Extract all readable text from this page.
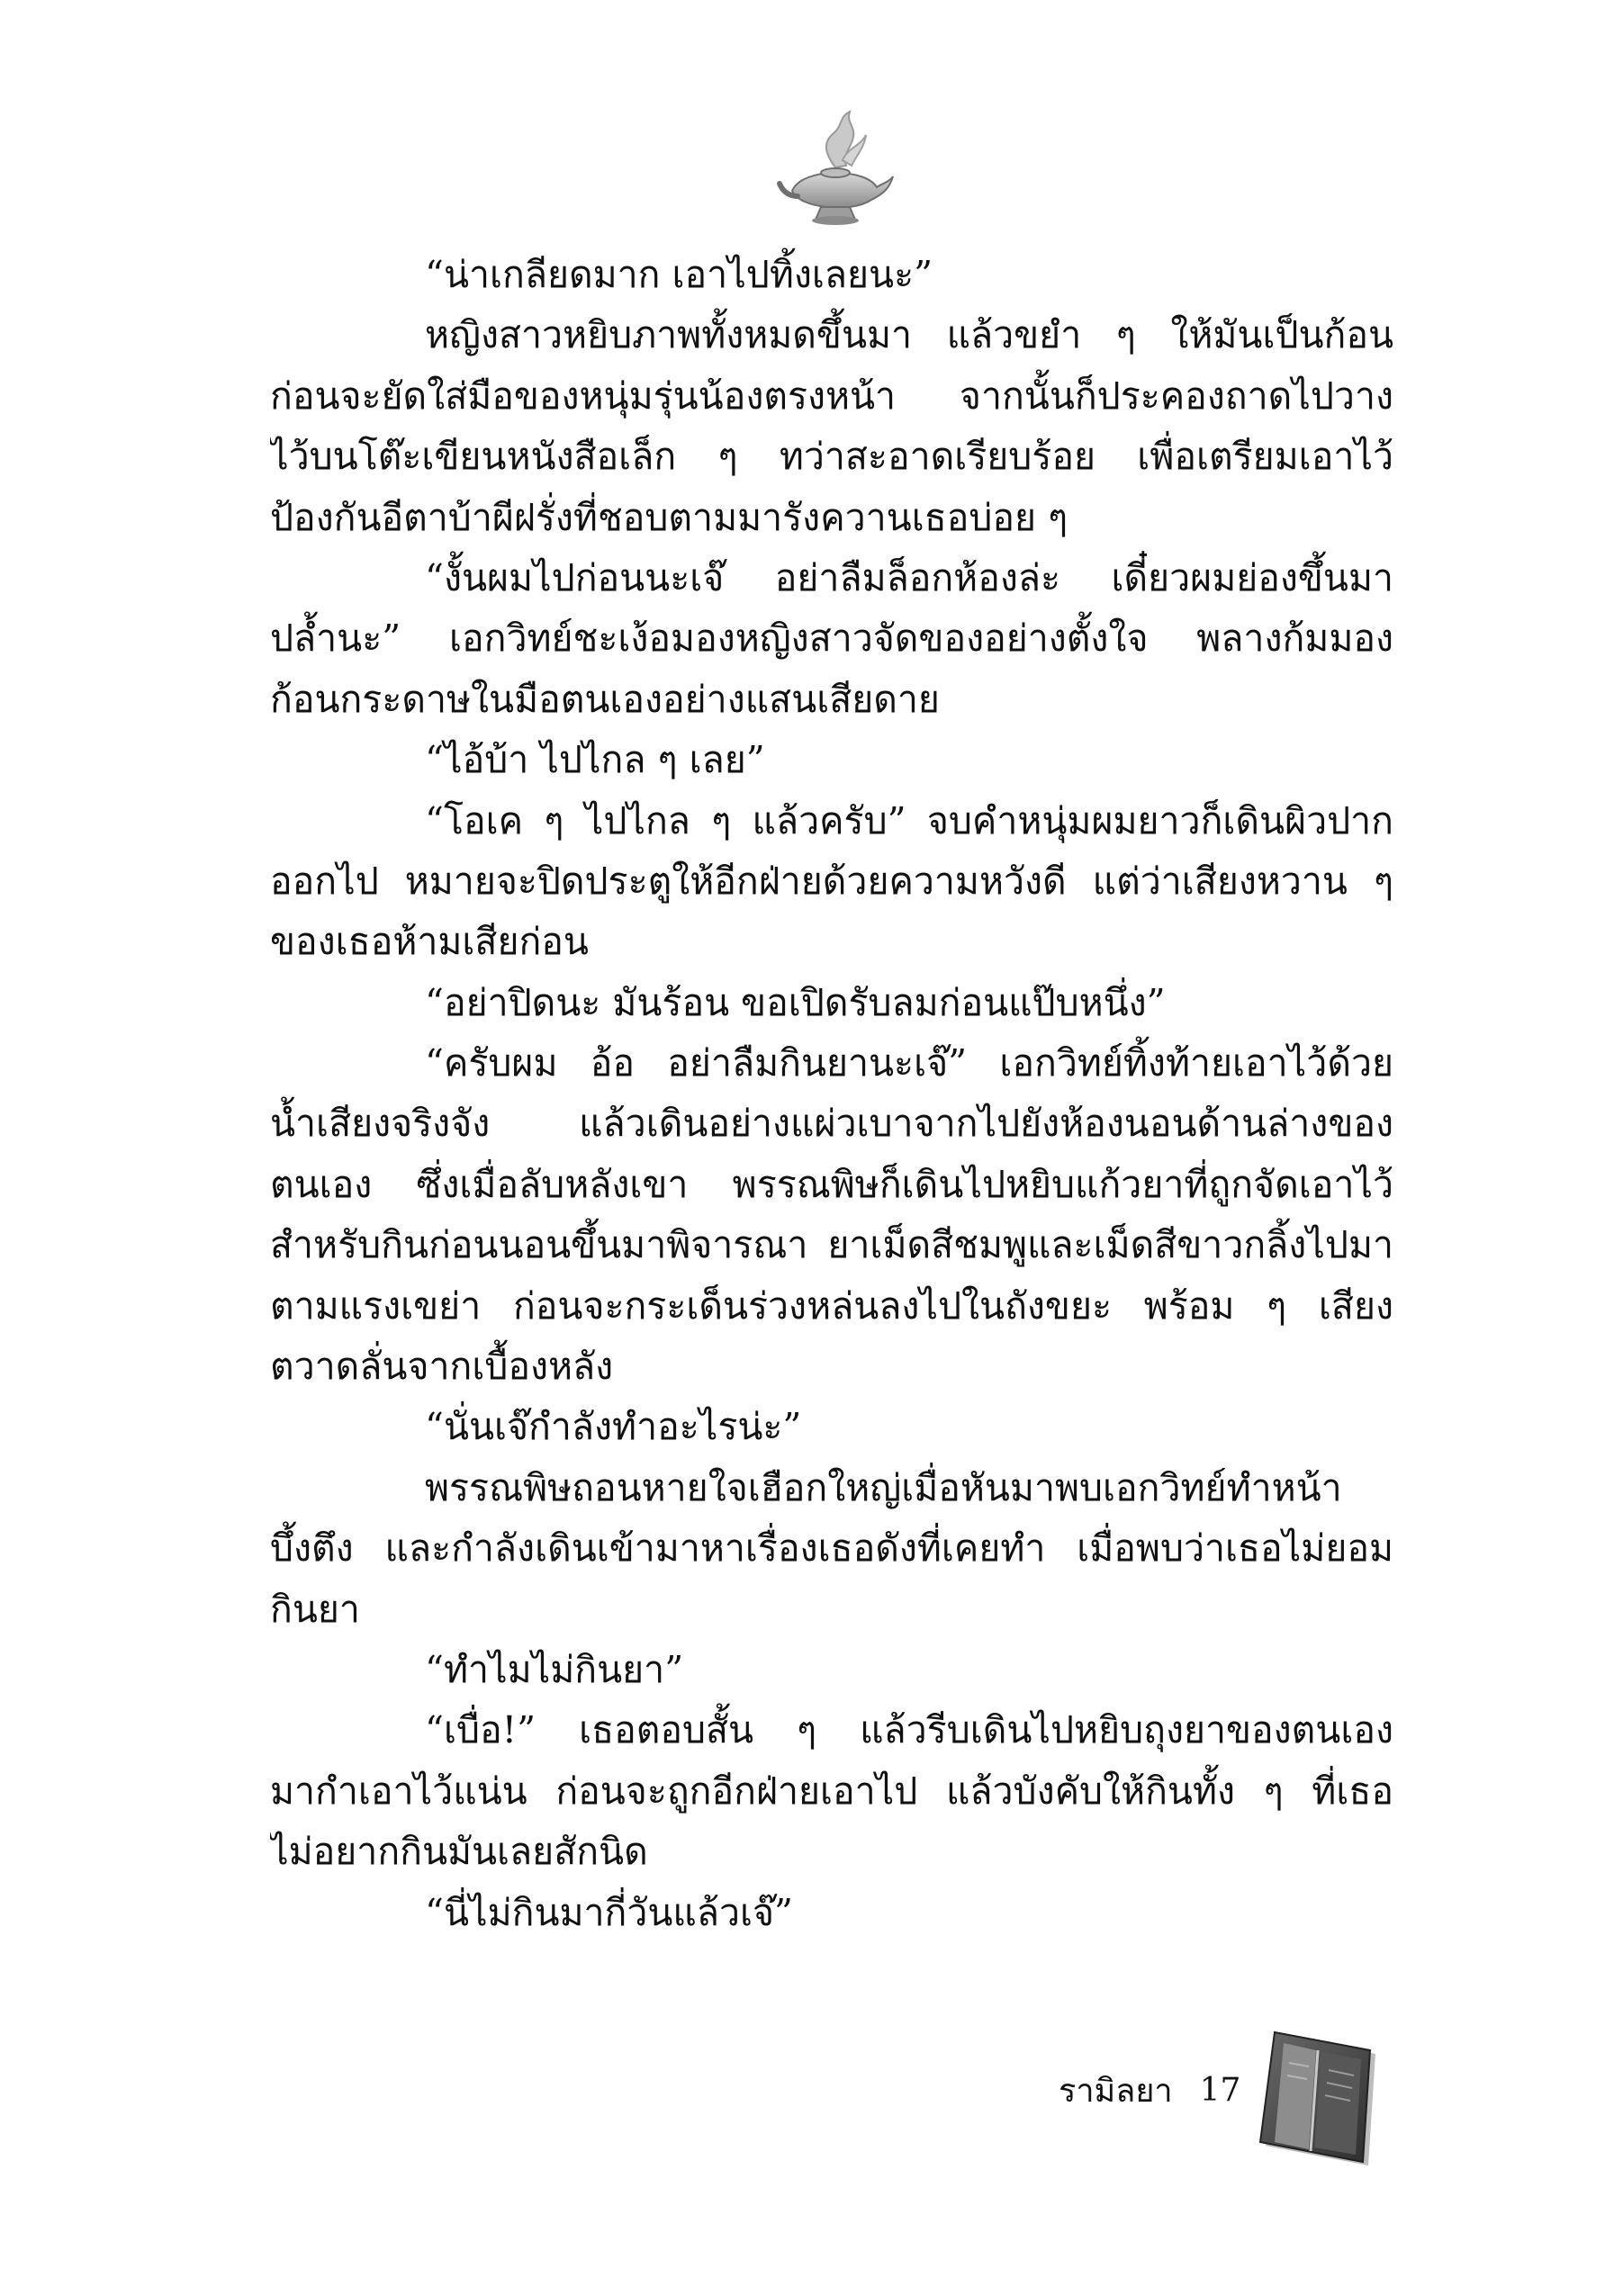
“น่าเกลียดมาก เอาไปทิ้งเลยนะ”
หญิงสาวหยิบภาพทั้งหมดขึ้นมา แล้วขยำ ๆ ให้มันเป็นก้อน
ก่อนจะยัดใส่มือของหนุ่มรุ่นน้องตรงหน้า จากนั้นก็ประคองถาดไปวาง
ไว้บนโต๊ะเขียนหนังสือเล็ก ๆ ทว่าสะอาดเรียบร้อย เพื่อเตรียมเอาไว้
ป้องกันอีตาบ้าผีฝรั่งที่ชอบตามมารังควานเธอบ่อย ๆ
“งั้นผมไปก่อนนะเจ๊ อย่าลืมล็อกห้องล่ะ เดี๋ยวผมย่องขึ้นมา
ปล้ำนะ” เอกวิทย์ชะเง้อมองหญิงสาวจัดของอย่างตั้งใจ พลางก้มมอง
ก้อนกระดาษในมือตนเองอย่างแสนเสียดาย
“ไอ้บ้า ไปไกล ๆ เลย”
“โอเค ๆ ไปไกล ๆ แล้วครับ” จบคำหนุ่มผมยาวก็เดินผิวปาก
ออกไป หมายจะปิดประตูให้อีกฝ่ายด้วยความหวังดี แต่ว่าเสียงหวาน ๆ
ของเธอห้ามเสียก่อน
“อย่าปิดนะ มันร้อน ขอเปิดรับลมก่อนแป๊บหนึ่ง”
“ครับผม อ้อ อย่าลืมกินยานะเจ๊” เอกวิทย์ทิ้งท้ายเอาไว้ด้วย
น้ำเสียงจริงจัง แล้วเดินอย่างแผ่วเบาจากไปยังห้องนอนด้านล่างของ
ตนเอง ซึ่งเมื่อลับหลังเขา พรรณพิษก็เดินไปหยิบแก้วยาที่ถูกจัดเอาไว้
สำหรับกินก่อนนอนขึ้นมาพิจารณา ยาเม็ดสีชมพูและเม็ดสีขาวกลิ้งไปมา
ตามแรงเขย่า ก่อนจะกระเด็นร่วงหล่นลงไปในถังขยะ พร้อม ๆ เสียง
ตวาดลั่นจากเบื้องหลัง
“นั่นเจ๊กำลังทำอะไรน่ะ”
พรรณพิษถอนหายใจเฮือกใหญ่เมื่อหันมาพบเอกวิทย์ทำหน้า
บึ้งตึง และกำลังเดินเข้ามาหาเรื่องเธอดังที่เคยทำ เมื่อพบว่าเธอไม่ยอม
กินยา
“ทำไมไม่กินยา”
“เบื่อ!” เธอตอบสั้น ๆ แล้วรีบเดินไปหยิบถุงยาของตนเอง
มากำเอาไว้แน่น ก่อนจะถูกอีกฝ่ายเอาไป แล้วบังคับให้กินทั้ง ๆ ที่เธอ
ไม่อยากกินมันเลยสักนิด
“นี่ไม่กินมากี่วันแล้วเจ๊”
รามิลยา 17
